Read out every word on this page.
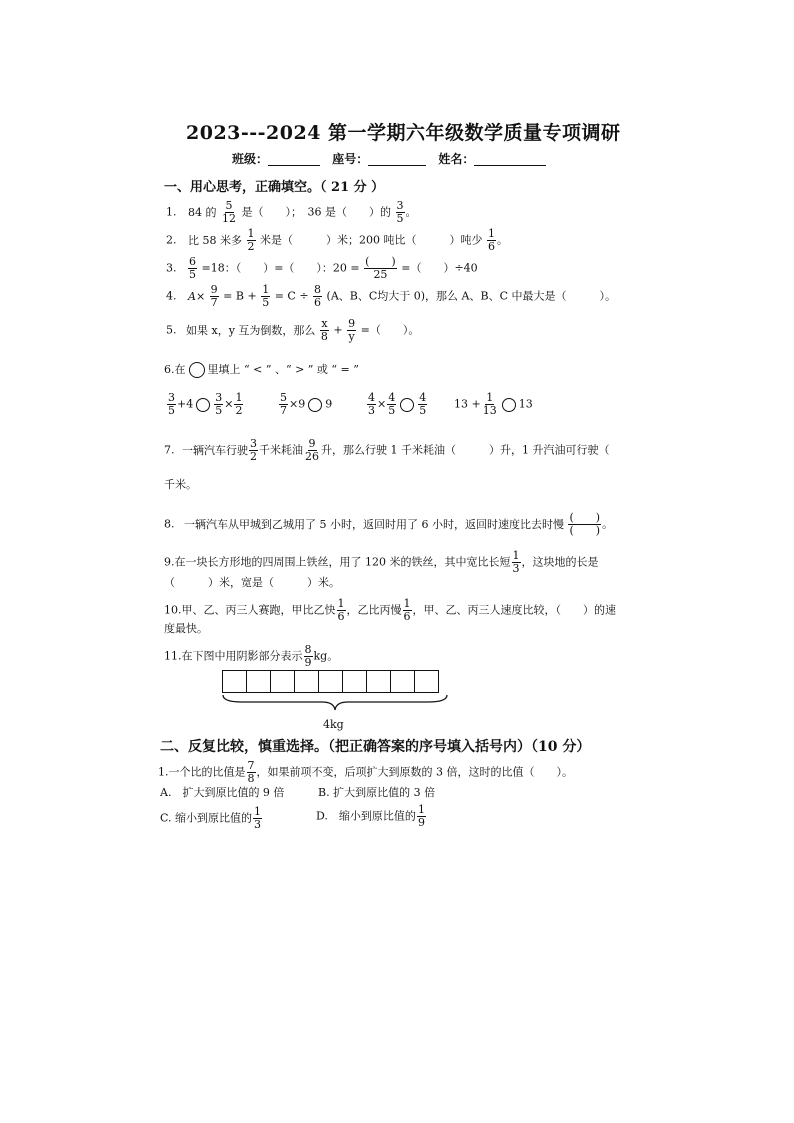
2023---2024 第一学期六年级数学质量专项调研
班级：	座号：	姓名：
一、用心思考，正确填空。（ 21 分 ）
1. 84 的 $\frac{5}{12}$ 是（　　）；　36 是（　　）的 $\frac{3}{5}$ 。
2. 比 58 米多 $\frac{1}{2}$ 米是（　　　）米；200 吨比（　　　）吨少 $\frac{1}{6}$ 。
3. $\frac{6}{5} =18$：（　　）=（　　）：$20 = \frac{( )}{25}$ =（　　）÷40
4. $A\times \frac{9}{7} = B + \frac{1}{5} = C \div \frac{8}{6} (A$、B、C均大于 0)，那么 A、B、C 中最大是（　　　）。
5. 如果 x，y 互为倒数，那么 $\frac{x}{8} + \frac{9}{y}$ =（　　）。
6.在 里填上 “ < ” 、“ > ” 或 “ = ”
$\frac{3}{5} +4 \frac{3}{5} \times \frac{1}{2}$	$\frac{5}{7} \times 9$ 9	$\frac{4}{3} \times \frac{4}{5} \frac{4}{5} 13 + \frac{1}{13} 13$
7. 一辆汽车行驶 $\frac{3}{2}$ 千米耗油 $\frac{9}{26}$ 升，那么行驶 1 千米耗油（　　　）升，1 升汽油可行驶（
千米。
8. 一辆汽车从甲城到乙城用了 5 小时，返回时用了 6 小时，返回时速度比去时慢 $\frac{( )}{( )}$ 。
9.在一块长方形地的四周围上铁丝，用了 120 米的铁丝，其中宽比长短 $\frac{1}{3}$ ，这块地的长是
（　　　）米，宽是（　　　）米。
10.甲、乙、丙三人赛跑，甲比乙快 $\frac{1}{6}$ ，乙比丙慢 $\frac{1}{6}$ ，甲、乙、丙三人速度比较，（　　）的速
度最快。
11.在下图中用阴影部分表示 $\frac{8}{9}$ kg。
4kg
二、反复比较，慎重选择。（把正确答案的序号填入括号内）（10 分）
1.一个比的比值是 $\frac{7}{8}$ ，如果前项不变，后项扩大到原数的 3 倍，这时的比值（　　）。
A.　扩大到原比值的 9 倍	B. 扩大到原比值的 3 倍
C. 缩小到原比值的 $\frac{1}{3}$	D.　缩小到原比值的 $\frac{1}{9}$
